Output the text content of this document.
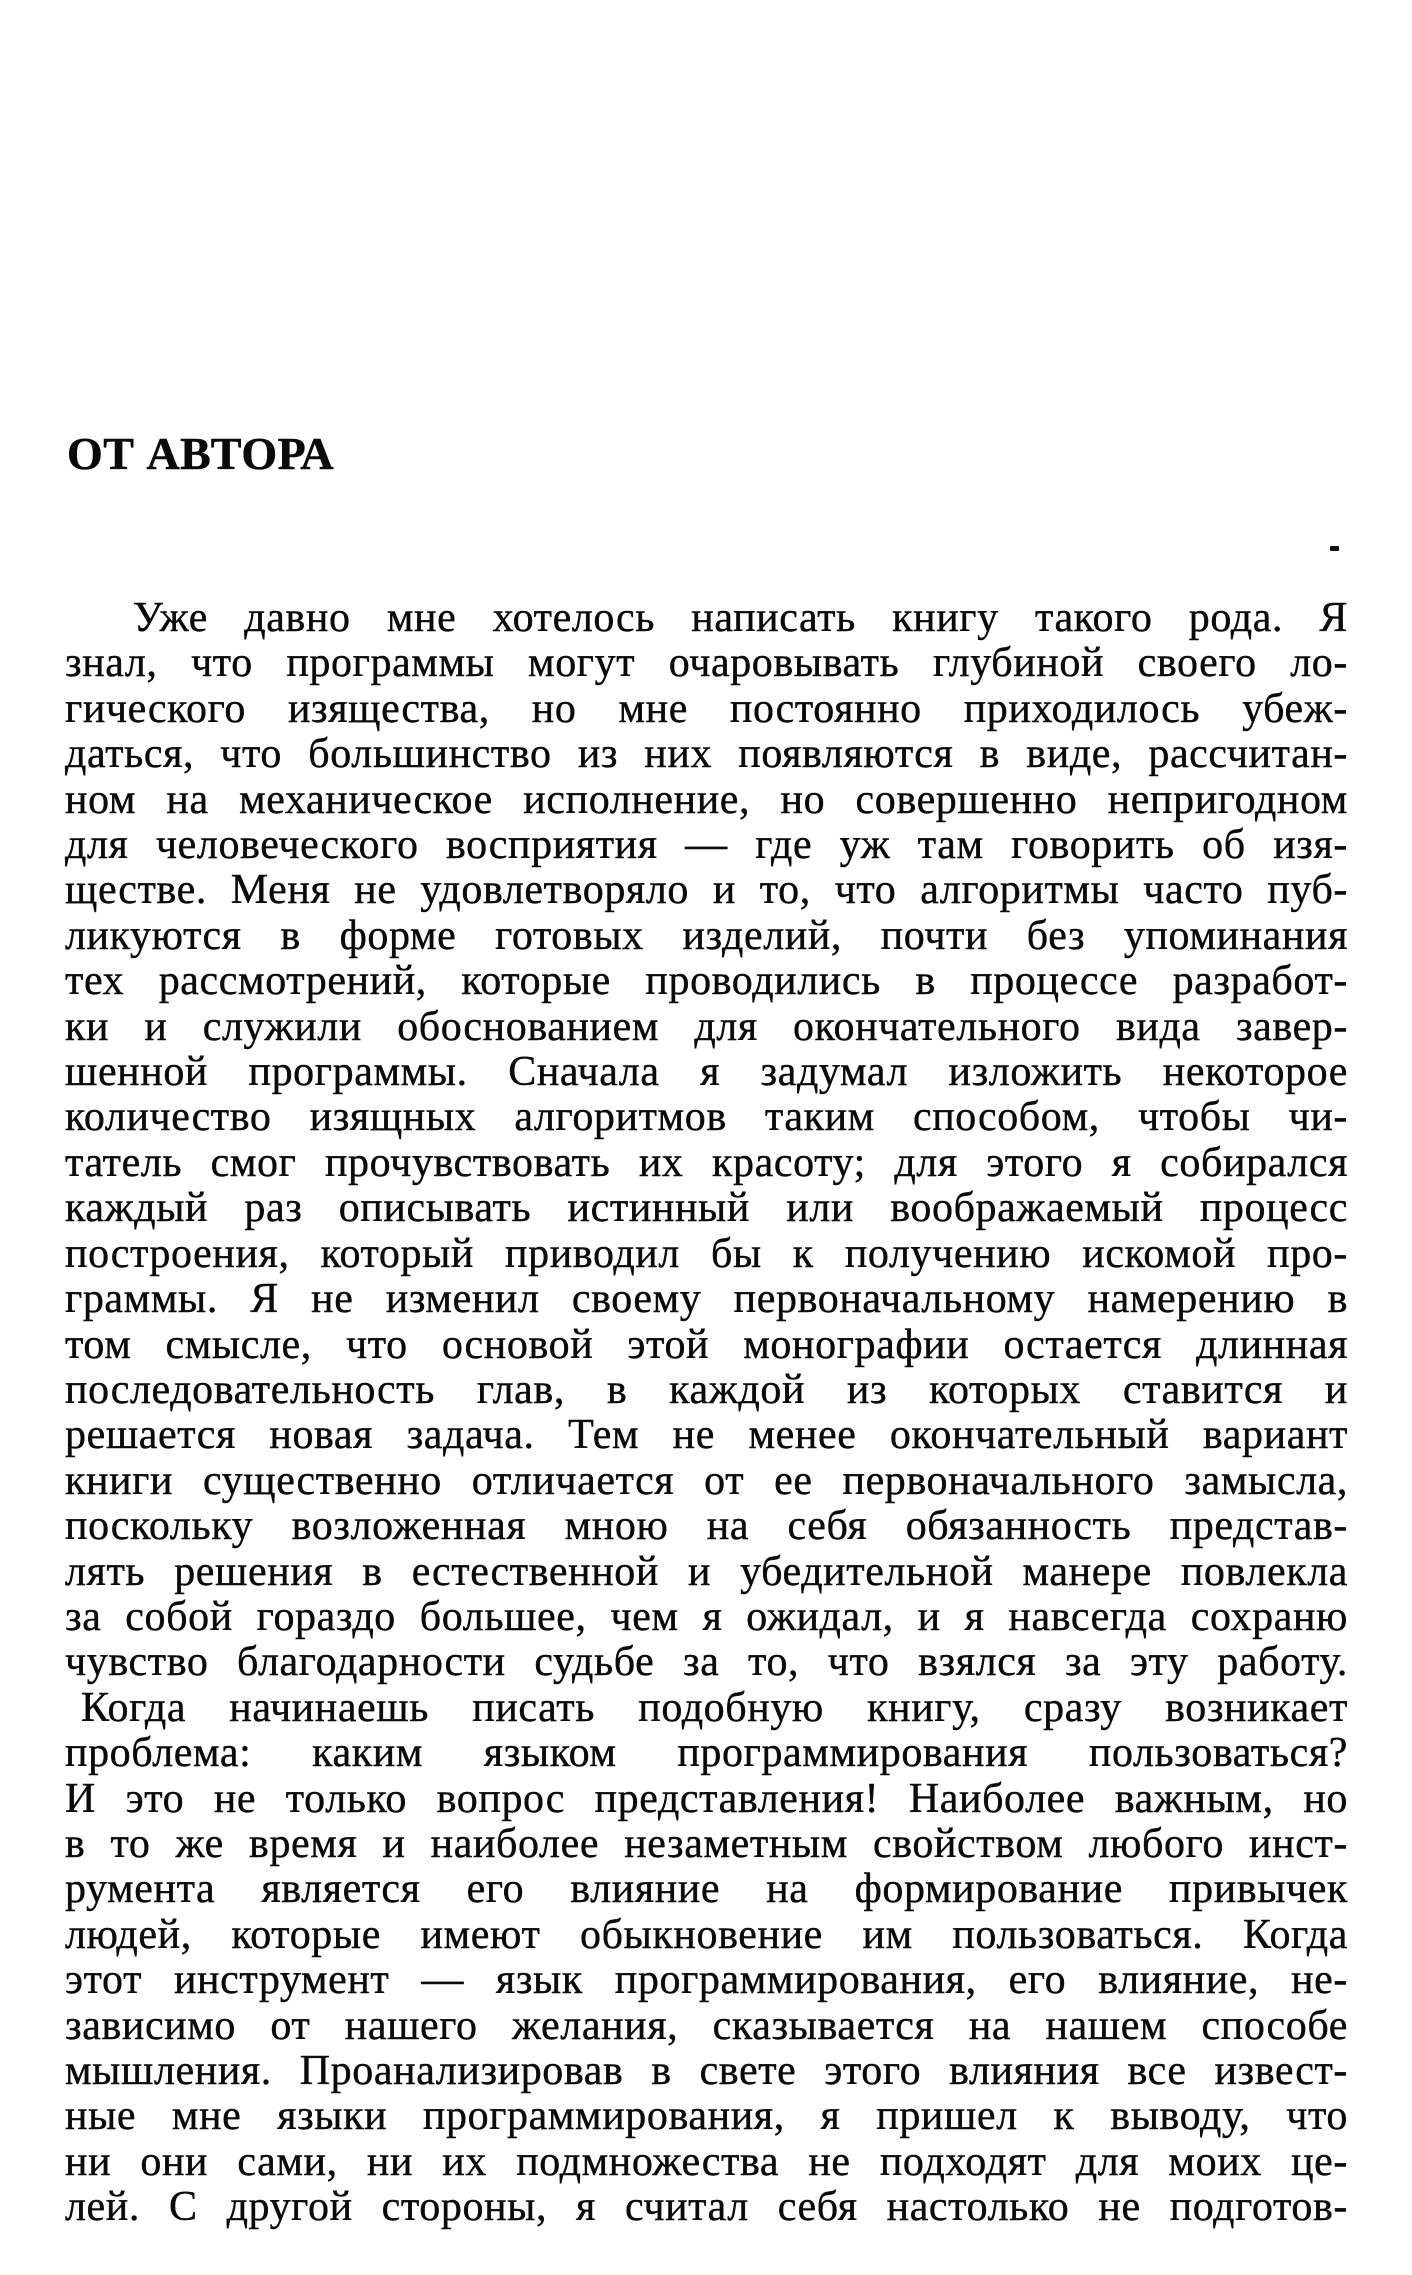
ОТ АВТОРА
Уже давно мне хотелось написать книгу такого рода. Я
знал, что программы могут очаровывать глубиной своего ло-
гического изящества, но мне постоянно приходилось убеж-
даться, что большинство из них появляются в виде, рассчитан-
ном на механическое исполнение, но совершенно непригодном
для человеческого восприятия — где уж там говорить об изя-
ществе. Меня не удовлетворяло и то, что алгоритмы часто пуб-
ликуются в форме готовых изделий, почти без упоминания
тех рассмотрений, которые проводились в процессе разработ-
ки и служили обоснованием для окончательного вида завер-
шенной программы. Сначала я задумал изложить некоторое
количество изящных алгоритмов таким способом, чтобы чи-
татель смог прочувствовать их красоту; для этого я собирался
каждый раз описывать истинный или воображаемый процесс
построения, который приводил бы к получению искомой про-
граммы. Я не изменил своему первоначальному намерению в
том смысле, что основой этой монографии остается длинная
последовательность глав, в каждой из которых ставится и
решается новая задача. Тем не менее окончательный вариант
книги существенно отличается от ее первоначального замысла,
поскольку возложенная мною на себя обязанность представ-
лять решения в естественной и убедительной манере повлекла
за собой гораздо большее, чем я ожидал, и я навсегда сохраню
чувство благодарности судьбе за то, что взялся за эту работу.
Когда начинаешь писать подобную книгу, сразу возникает
проблема: каким языком программирования пользоваться?
И это не только вопрос представления! Наиболее важным, но
в то же время и наиболее незаметным свойством любого инст-
румента является его влияние на формирование привычек
людей, которые имеют обыкновение им пользоваться. Когда
этот инструмент — язык программирования, его влияние, не-
зависимо от нашего желания, сказывается на нашем способе
мышления. Проанализировав в свете этого влияния все извест-
ные мне языки программирования, я пришел к выводу, что
ни они сами, ни их подмножества не подходят для моих це-
лей. С другой стороны, я считал себя настолько не подготов-
